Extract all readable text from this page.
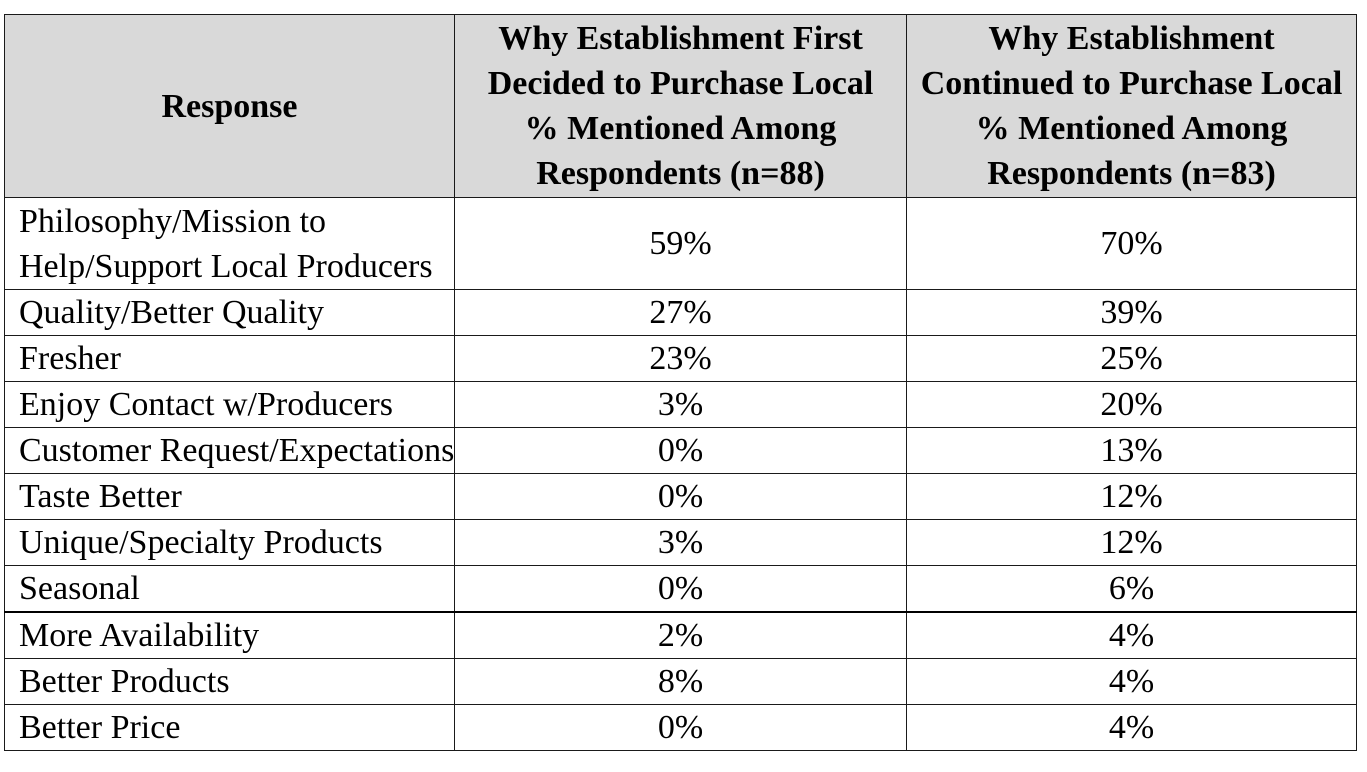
Response	Why Establishment First
Decided to Purchase Local
% Mentioned Among
Respondents (n=88)	Why Establishment
Continued to Purchase Local
% Mentioned Among
Respondents (n=83)

Philosophy/Mission to
Help/Support Local Producers	59%	70%

Quality/Better Quality	27%	39%

Fresher	23%	25%

Enjoy Contact w/Producers	3%	20%

Customer Request/Expectations	0%	13%

Taste Better	0%	12%

Unique/Specialty Products	3%	12%

Seasonal	0%	6%

More Availability	2%	4%

Better Products	8%	4%

Better Price	0%	4%
